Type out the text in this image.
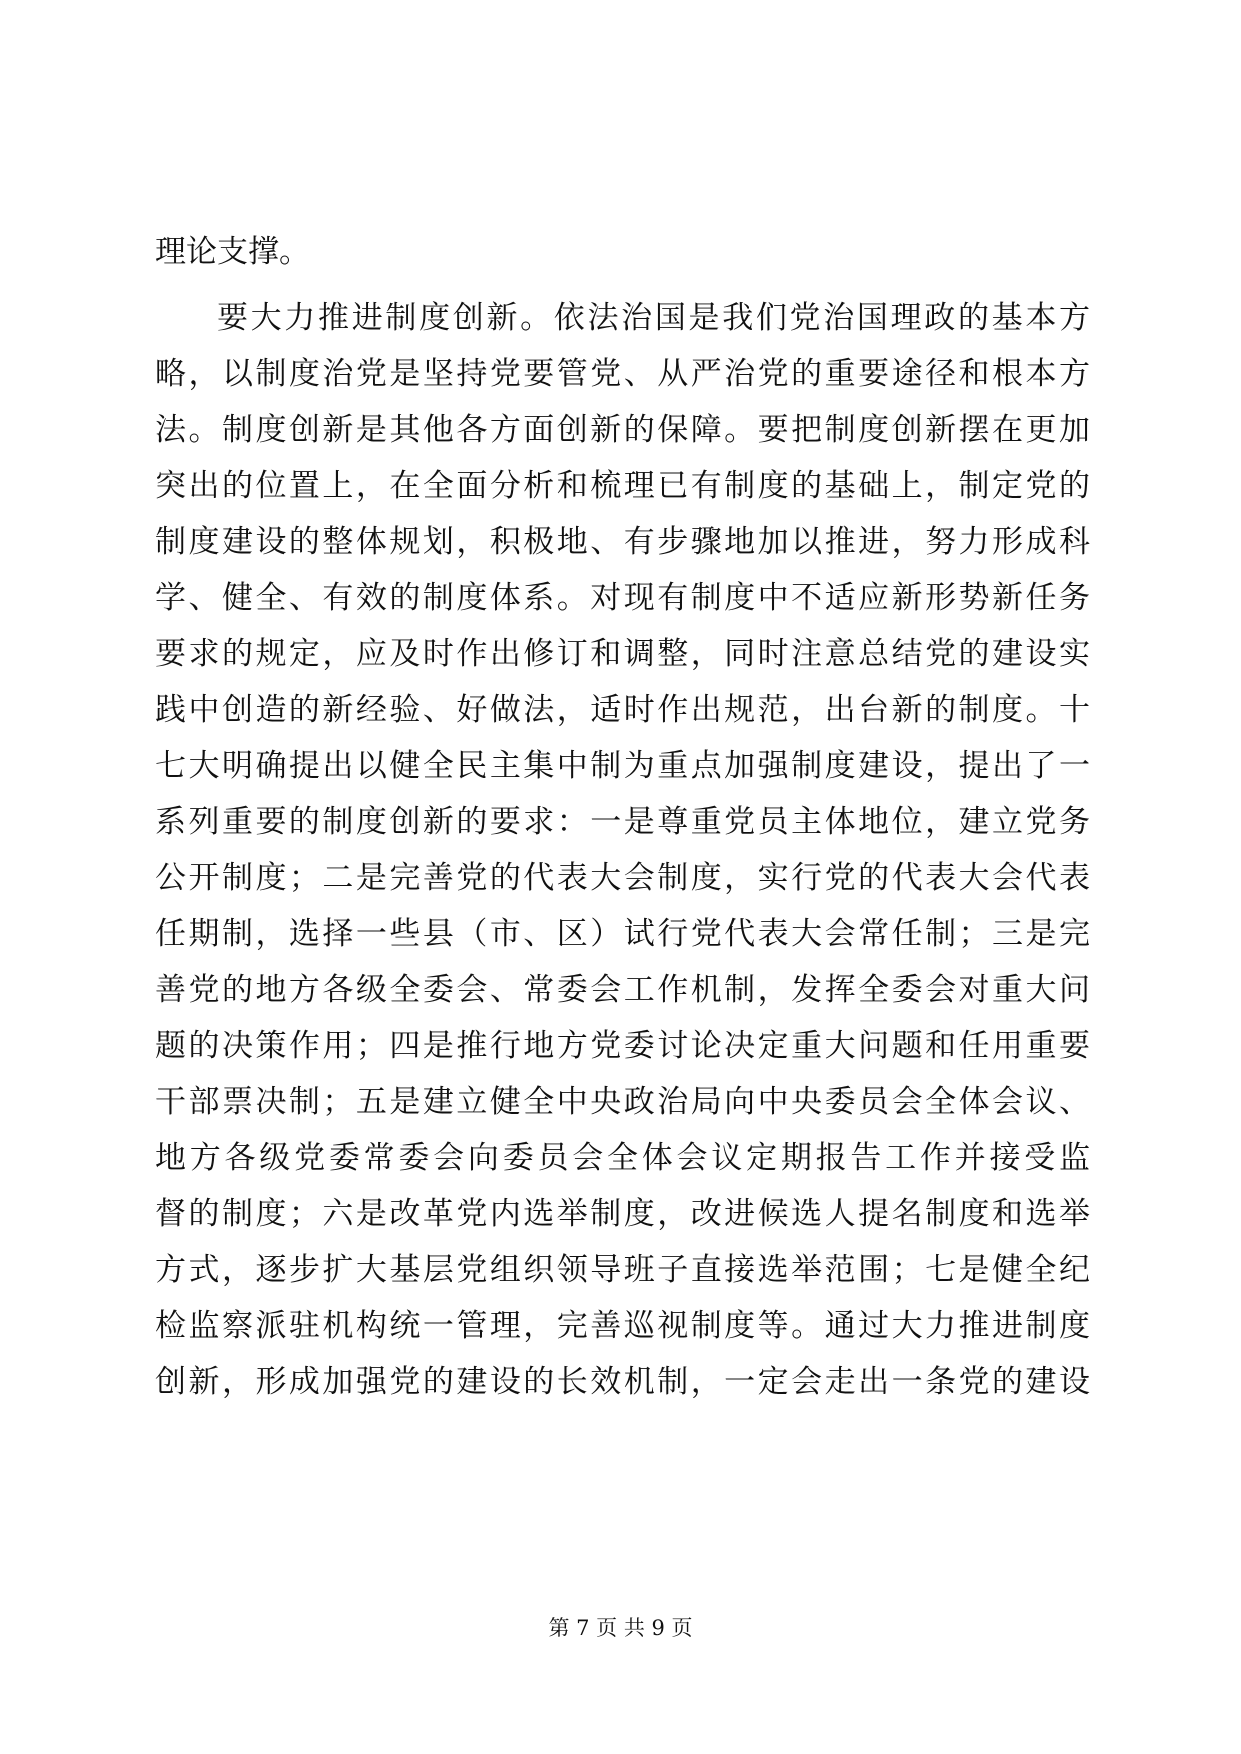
理论支撑。
要大力推进制度创新。依法治国是我们党治国理政的基本方
略，以制度治党是坚持党要管党、从严治党的重要途径和根本方
法。制度创新是其他各方面创新的保障。要把制度创新摆在更加
突出的位置上，在全面分析和梳理已有制度的基础上，制定党的
制度建设的整体规划，积极地、有步骤地加以推进，努力形成科
学、健全、有效的制度体系。对现有制度中不适应新形势新任务
要求的规定，应及时作出修订和调整，同时注意总结党的建设实
践中创造的新经验、好做法，适时作出规范，出台新的制度。十
七大明确提出以健全民主集中制为重点加强制度建设，提出了一
系列重要的制度创新的要求：一是尊重党员主体地位，建立党务
公开制度；二是完善党的代表大会制度，实行党的代表大会代表
任期制，选择一些县（市、区）试行党代表大会常任制；三是完
善党的地方各级全委会、常委会工作机制，发挥全委会对重大问
题的决策作用；四是推行地方党委讨论决定重大问题和任用重要
干部票决制；五是建立健全中央政治局向中央委员会全体会议、
地方各级党委常委会向委员会全体会议定期报告工作并接受监
督的制度；六是改革党内选举制度，改进候选人提名制度和选举
方式，逐步扩大基层党组织领导班子直接选举范围；七是健全纪
检监察派驻机构统一管理，完善巡视制度等。通过大力推进制度
创新，形成加强党的建设的长效机制，一定会走出一条党的建设
第 7 页 共 9 页
